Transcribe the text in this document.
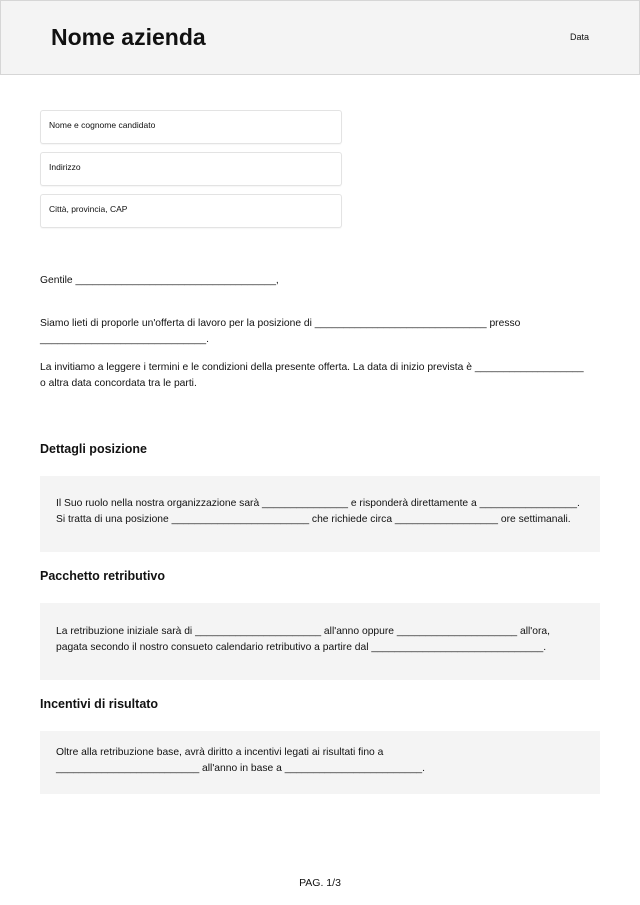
Nome azienda	Data
Nome e cognome candidato
Indirizzo
Città, provincia, CAP
Gentile ___________________________________,
Siamo lieti di proporle un'offerta di lavoro per la posizione di ______________________________ presso
_____________________________.
La invitiamo a leggere i termini e le condizioni della presente offerta. La data di inizio prevista è ___________________
o altra data concordata tra le parti.
Dettagli posizione
Il Suo ruolo nella nostra organizzazione sarà _______________ e risponderà direttamente a _________________.
Si tratta di una posizione ________________________ che richiede circa __________________ ore settimanali.
Pacchetto retributivo
La retribuzione iniziale sarà di ______________________ all'anno oppure _____________________ all'ora,
pagata secondo il nostro consueto calendario retributivo a partire dal ______________________________.
Incentivi di risultato
Oltre alla retribuzione base, avrà diritto a incentivi legati ai risultati fino a
_________________________ all'anno in base a ________________________.
PAG. 1/3
